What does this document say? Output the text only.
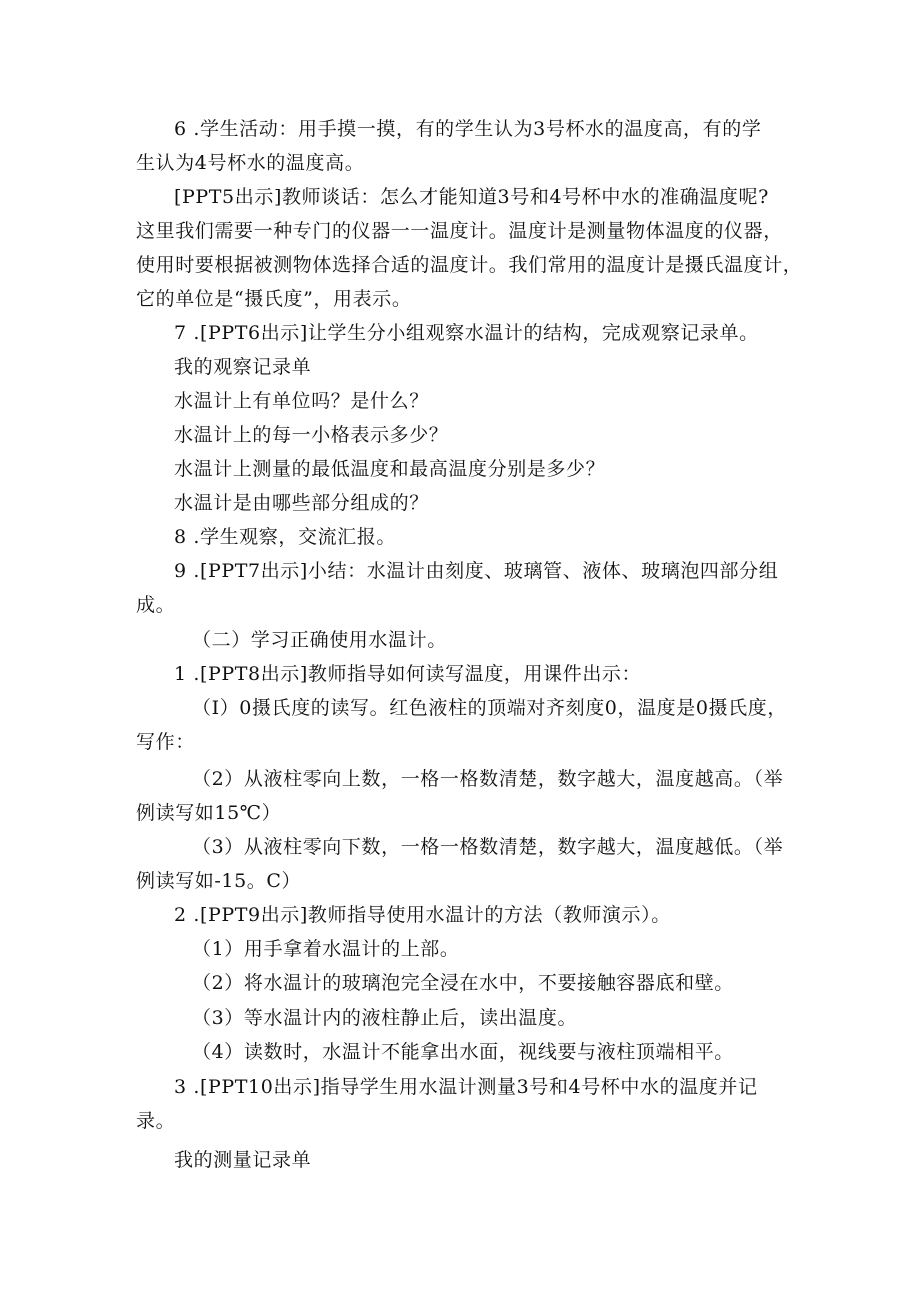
6 .学生活动：用手摸一摸，有的学生认为3号杯水的温度高，有的学
生认为4号杯水的温度高。
[PPT5出示]教师谈话：怎么才能知道3号和4号杯中水的准确温度呢?
这里我们需要一种专门的仪器一一温度计。温度计是测量物体温度的仪器，
使用时要根据被测物体选择合适的温度计。我们常用的温度计是摄氏温度计，
它的单位是“摄氏度”，用表示。
7 .[PPT6出示]让学生分小组观察水温计的结构，完成观察记录单。
我的观察记录单
水温计上有单位吗？是什么？
水温计上的每一小格表示多少？
水温计上测量的最低温度和最高温度分别是多少？
水温计是由哪些部分组成的？
8 .学生观察，交流汇报。
9 .[PPT7出示]小结：水温计由刻度、玻璃管、液体、玻璃泡四部分组
成。
（二）学习正确使用水温计。
1 .[PPT8出示]教师指导如何读写温度，用课件出示：
（I）0摄氏度的读写。红色液柱的顶端对齐刻度0，温度是0摄氏度，
写作：
（2）从液柱零向上数，一格一格数清楚，数字越大，温度越高。（举
例读写如15℃）
（3）从液柱零向下数，一格一格数清楚，数字越大，温度越低。（举
例读写如-15。C）
2 .[PPT9出示]教师指导使用水温计的方法（教师演示）。
（1）用手拿着水温计的上部。
（2）将水温计的玻璃泡完全浸在水中，不要接触容器底和壁。
（3）等水温计内的液柱静止后，读出温度。
（4）读数时，水温计不能拿出水面，视线要与液柱顶端相平。
3 .[PPT10出示]指导学生用水温计测量3号和4号杯中水的温度并记
录。
我的测量记录单
